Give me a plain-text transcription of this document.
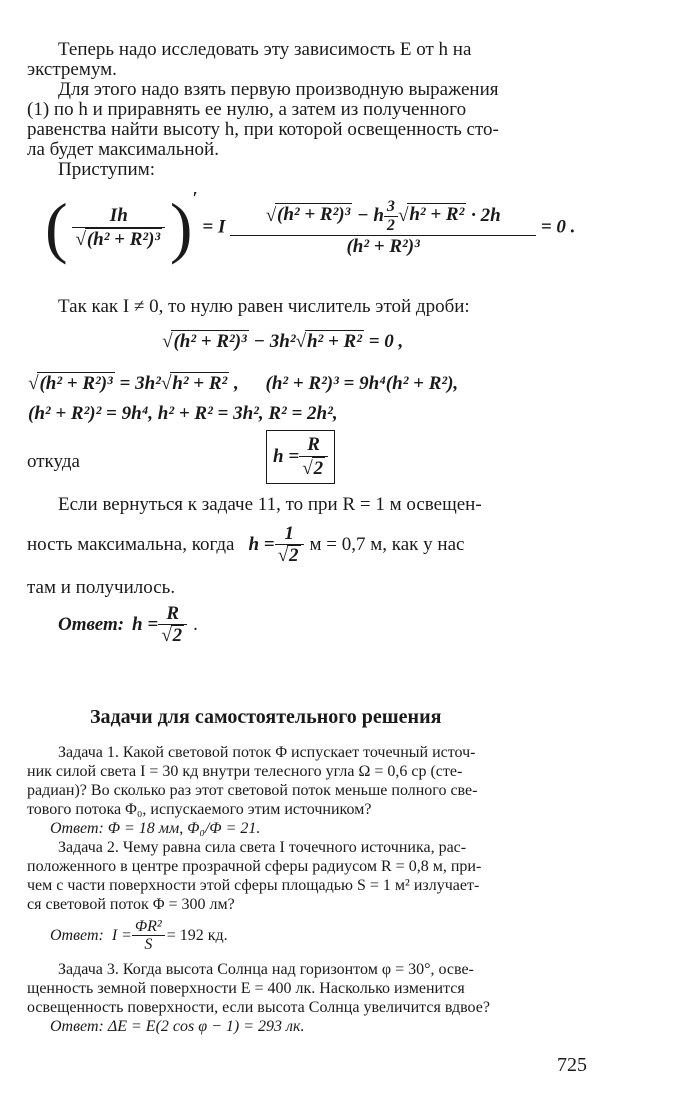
Теперь надо исследовать эту зависимость E от h на
экстремум.
Для этого надо взять первую производную выражения
(1) по h и приравнять ее нулю, а затем из полученного
равенства найти высоту h, при которой освещенность сто-
ла будет максимальной.
Приступим:
( $\frac{Ih}{\text{√(h² + R²)³}}$ )′ = I $\frac{√(h^2 + R^2)^3 - h \frac{3}{2} √h^2 + R^2 \cdot 2h}{\text{(h² + R²)³}} = 0$ .
Так как I ≠ 0, то нулю равен числитель этой дроби:
√(h² + R²)³ − 3h²√h² + R² = 0 ,
√(h² + R²)³ = 3h²√h² + R² , (h² + R²)³ = 9h⁴(h² + R²),
(h² + R²)² = 9h⁴, h² + R² = 3h², R² = 2h²,
откуда	$h = \frac{R}{√2}$
Если вернуться к задаче 11, то при R = 1 м освещен-
ность максимальна, когда $h = \frac{1}{√2}$ м = 0,7 м, как у нас
там и получилось.
Ответ: $h = \frac{R}{√2}$ .
Задачи для самостоятельного решения
Задача 1. Какой световой поток Φ испускает точечный источ-
ник силой света I = 30 кд внутри телесного угла Ω = 0,6 ср (сте-
радиан)? Во сколько раз этот световой поток меньше полного све-
тового потока Φ₀, испускаемого этим источником?
Ответ: Φ = 18 мм, Φ₀/Φ = 21.
Задача 2. Чему равна сила света I точечного источника, рас-
положенного в центре прозрачной сферы радиусом R = 0,8 м, при-
чем с части поверхности этой сферы площадью S = 1 м² излучает-
ся световой поток Φ = 300 лм?
Ответ: $I = \frac{\text{ΦR²}}{S} = 192$ кд.
Задача 3. Когда высота Солнца над горизонтом φ = 30°, осве-
щенность земной поверхности E = 400 лк. Насколько изменится
освещенность поверхности, если высота Солнца увеличится вдвое?
Ответ: ΔE = E(2 cos φ − 1) = 293 лк.
725
